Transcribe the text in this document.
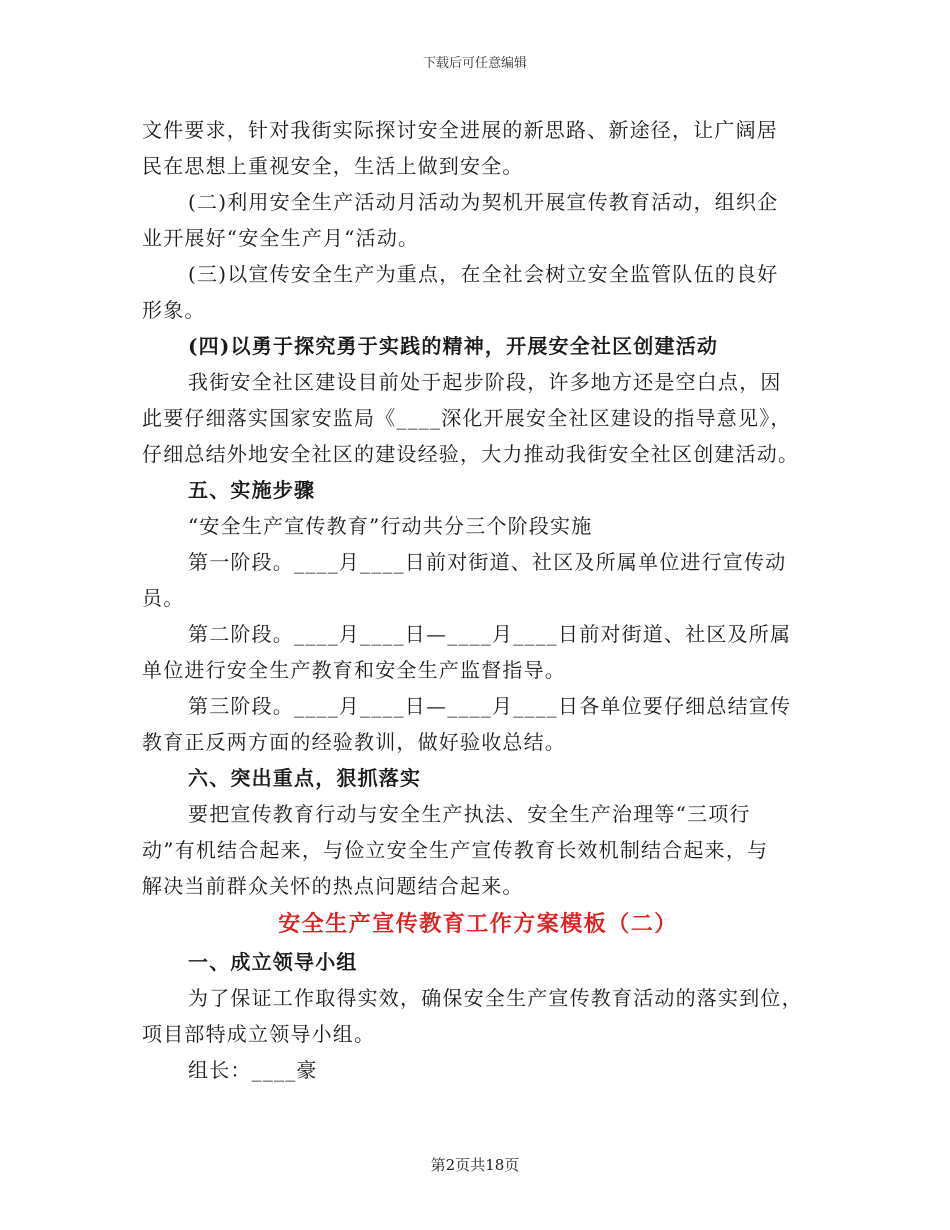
下载后可任意编辑
文件要求，针对我街实际探讨安全进展的新思路、新途径，让广阔居
民在思想上重视安全，生活上做到安全。
(二)利用安全生产活动月活动为契机开展宣传教育活动，组织企
业开展好“安全生产月“活动。
(三)以宣传安全生产为重点，在全社会树立安全监管队伍的良好
形象。
(四)以勇于探究勇于实践的精神，开展安全社区创建活动
我街安全社区建设目前处于起步阶段，许多地方还是空白点，因
此要仔细落实国家安监局《____深化开展安全社区建设的指导意见》，
仔细总结外地安全社区的建设经验，大力推动我街安全社区创建活动。
五、实施步骤
“安全生产宣传教育”行动共分三个阶段实施
第一阶段。____月____日前对街道、社区及所属单位进行宣传动
员。
第二阶段。____月____日—____月____日前对街道、社区及所属
单位进行安全生产教育和安全生产监督指导。
第三阶段。____月____日—____月____日各单位要仔细总结宣传
教育正反两方面的经验教训，做好验收总结。
六、突出重点，狠抓落实
要把宣传教育行动与安全生产执法、安全生产治理等“三项行
动”有机结合起来，与俭立安全生产宣传教育长效机制结合起来，与
解决当前群众关怀的热点问题结合起来。
安全生产宣传教育工作方案模板（二）
一、成立领导小组
为了保证工作取得实效，确保安全生产宣传教育活动的落实到位，
项目部特成立领导小组。
组长：____豪
第2页共18页
